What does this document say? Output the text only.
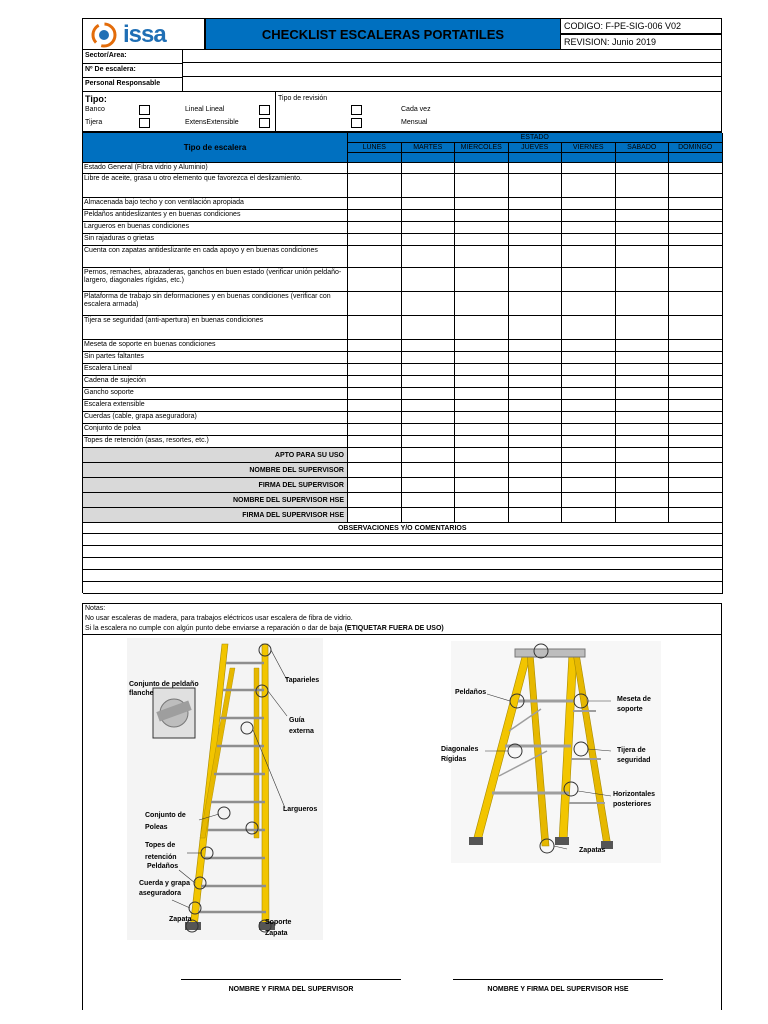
issa	CHECKLIST ESCALERAS PORTATILES
CODIGO: F-PE-SIG-006 V02
REVISION: Junio 2019
Sector/Area:
Nº De escalera:
Personal Responsable
Tipo:
Banco
Tijera
Lineal Lineal
ExtensExtensible
Tipo de revisión
Cada vez
Mensual
Tipo de escalera
ESTADO
LUNES	MARTES	MIERCOLES	JUEVES	VIERNES	SABADO	DOMINGO
Estado General (Fibra vidrio y Aluminio)
Libre de aceite, grasa u otro elemento que favorezca el deslizamiento.
Almacenada bajo techo y con ventilación apropiada
Peldaños antideslizantes y en buenas condiciones
Largueros en buenas condiciones
Sin rajaduras o grietas
Cuenta con zapatas antideslizante en cada apoyo y en buenas condiciones
Pernos, remaches, abrazaderas, ganchos en buen estado (verificar unión peldaño-largero, diagonales rígidas, etc.)
Plataforma de trabajo sin deformaciones y en buenas condiciones (verificar con escalera armada)
Tijera se seguridad (anti-apertura) en buenas condiciones
Meseta de soporte en buenas condiciones
Sin partes faltantes
Escalera Lineal
Cadena de sujeción
Gancho soporte
Escalera extensible
Cuerdas (cable, grapa aseguradora)
Conjunto de polea
Topes de retención (asas, resortes, etc.)
APTO PARA SU USO
NOMBRE DEL SUPERVISOR
FIRMA DEL SUPERVISOR
NOMBRE DEL SUPERVISOR HSE
FIRMA DEL SUPERVISOR HSE
OBSERVACIONES Y/O COMENTARIOS
Notas:
No usar escaleras de madera, para trabajos eléctricos usar escalera de fibra de vidrio.
Si la escalera no cumple con algún punto debe enviarse a reparación o dar de baja (ETIQUETAR FUERA DE USO)
Conjunto de peldaño flanche
Taparieles
Guía externa
Largueros
Conjunto de Poleas
Topes de retención
Peldaños
Cuerda y grapa aseguradora
Zapata	Soporte Zapata
Peldaños
Meseta de soporte
Diagonales Rígidas
Tijera de seguridad
Horizontales posteriores
Zapatas
NOMBRE Y FIRMA DEL SUPERVISOR	NOMBRE Y FIRMA DEL SUPERVISOR HSE
